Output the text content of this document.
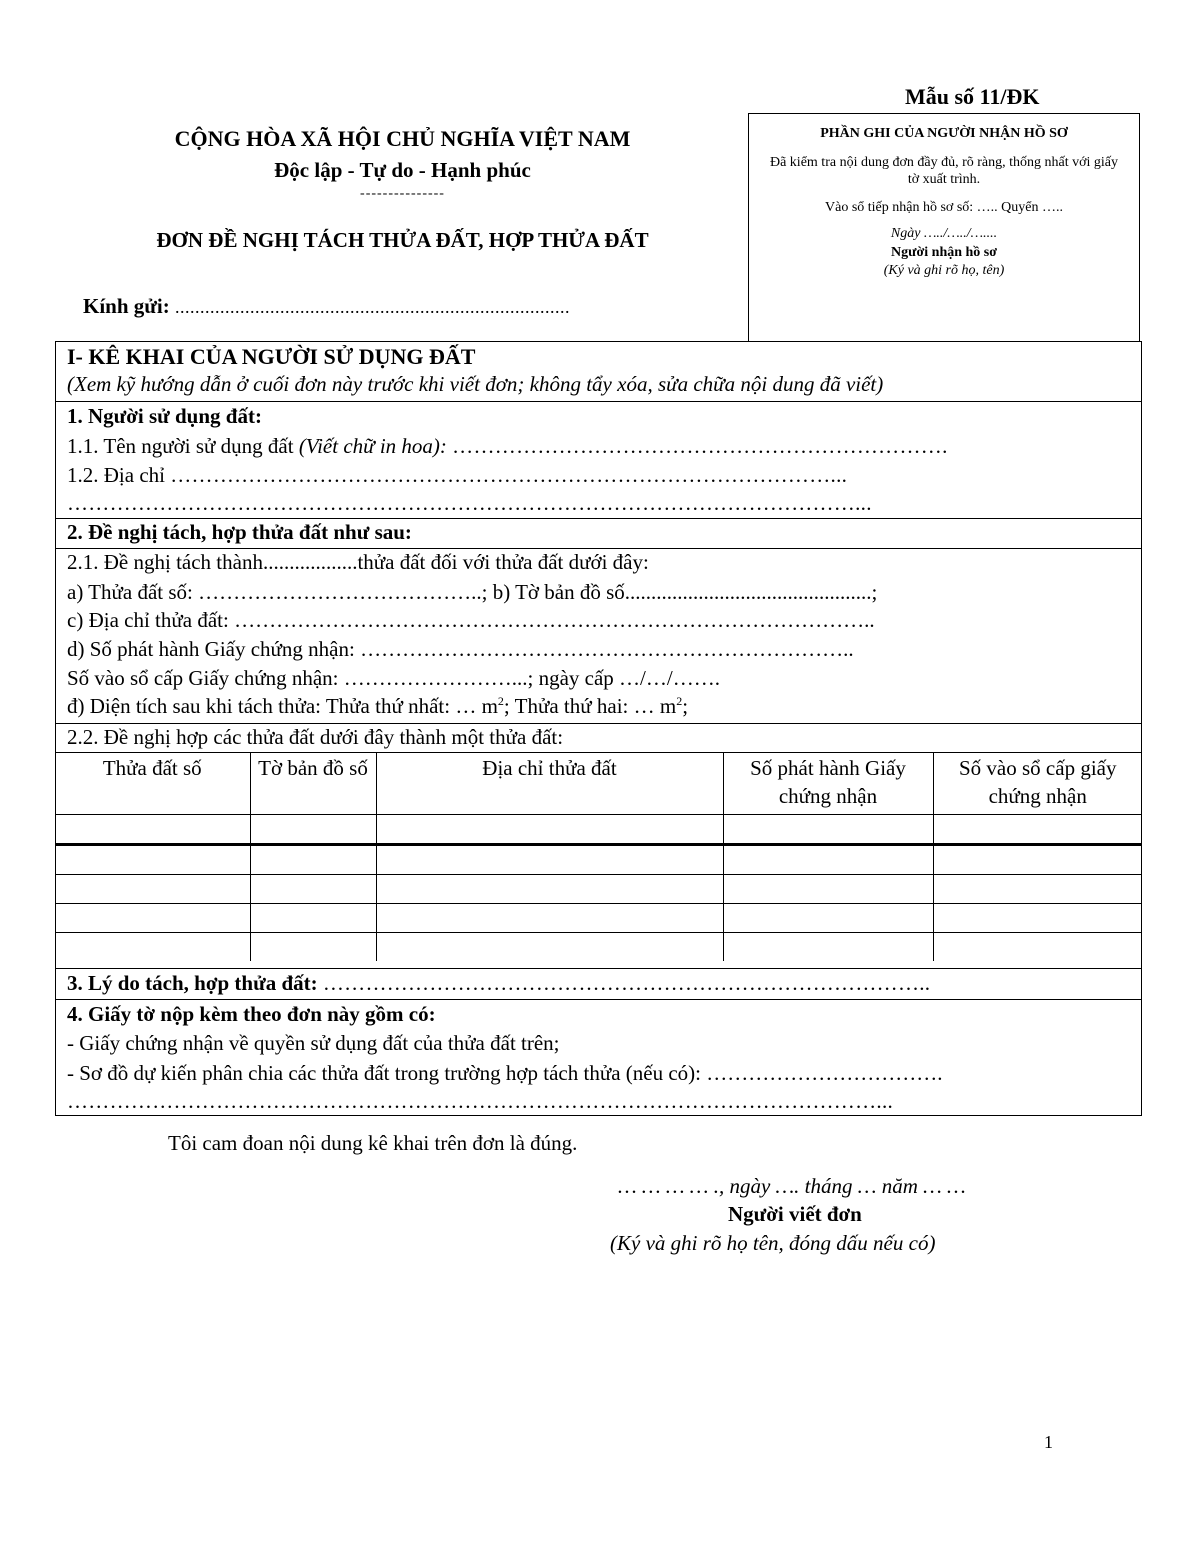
Mẫu số 11/ĐK
CỘNG HÒA XÃ HỘI CHỦ NGHĨA VIỆT NAM
Độc lập - Tự do - Hạnh phúc
---------------
ĐƠN ĐỀ NGHỊ TÁCH THỬA ĐẤT, HỢP THỬA ĐẤT
Kính gửi: ...............................................................................
PHẦN GHI CỦA NGƯỜI NHẬN HỒ SƠ
Đã kiểm tra nội dung đơn đầy đủ, rõ ràng, thống nhất với giấy tờ xuất trình.
Vào sổ tiếp nhận hồ sơ số: ….. Quyển …..
Ngày …../…../…....
Người nhận hồ sơ
(Ký và ghi rõ họ, tên)
I- KÊ KHAI CỦA NGƯỜI SỬ DỤNG ĐẤT
(Xem kỹ hướng dẫn ở cuối đơn này trước khi viết đơn; không tẩy xóa, sửa chữa nội dung đã viết)
1. Người sử dụng đất:
1.1. Tên người sử dụng đất (Viết chữ in hoa): …………………………………………………………….
1.2. Địa chỉ …………………………………………………………………………………...
…………………………………………………………………………………………………...
2. Đề nghị tách, hợp thửa đất như sau:
2.1. Đề nghị tách thành..................thửa đất đối với thửa đất dưới đây:
a) Thửa đất số: …………………………………..; b) Tờ bản đồ số...............................................;
c) Địa chỉ thửa đất: ………………………………………………………………………………..
d) Số phát hành Giấy chứng nhận: ……………………………………………………………..
Số vào sổ cấp Giấy chứng nhận: ……………………...; ngày cấp …/…/…….
đ) Diện tích sau khi tách thửa: Thửa thứ nhất: … $m^2$; Thửa thứ hai: … $m^2$;
2.2. Đề nghị hợp các thửa đất dưới đây thành một thửa đất:
Thửa đất số	Tờ bản đồ số	Địa chỉ thửa đất	Số phát hành Giấy chứng nhận	Số vào sổ cấp giấy chứng nhận

3. Lý do tách, hợp thửa đất: …………………………………………………………………………..
4. Giấy tờ nộp kèm theo đơn này gồm có:
- Giấy chứng nhận về quyền sử dụng đất của thửa đất trên;
- Sơ đồ dự kiến phân chia các thửa đất trong trường hợp tách thửa (nếu có): …………………………….
……………………………………………………………………………………………………...
Tôi cam đoan nội dung kê khai trên đơn là đúng.
… … … … ., ngày …. tháng … năm … …
Người viết đơn
(Ký và ghi rõ họ tên, đóng dấu nếu có)
1
